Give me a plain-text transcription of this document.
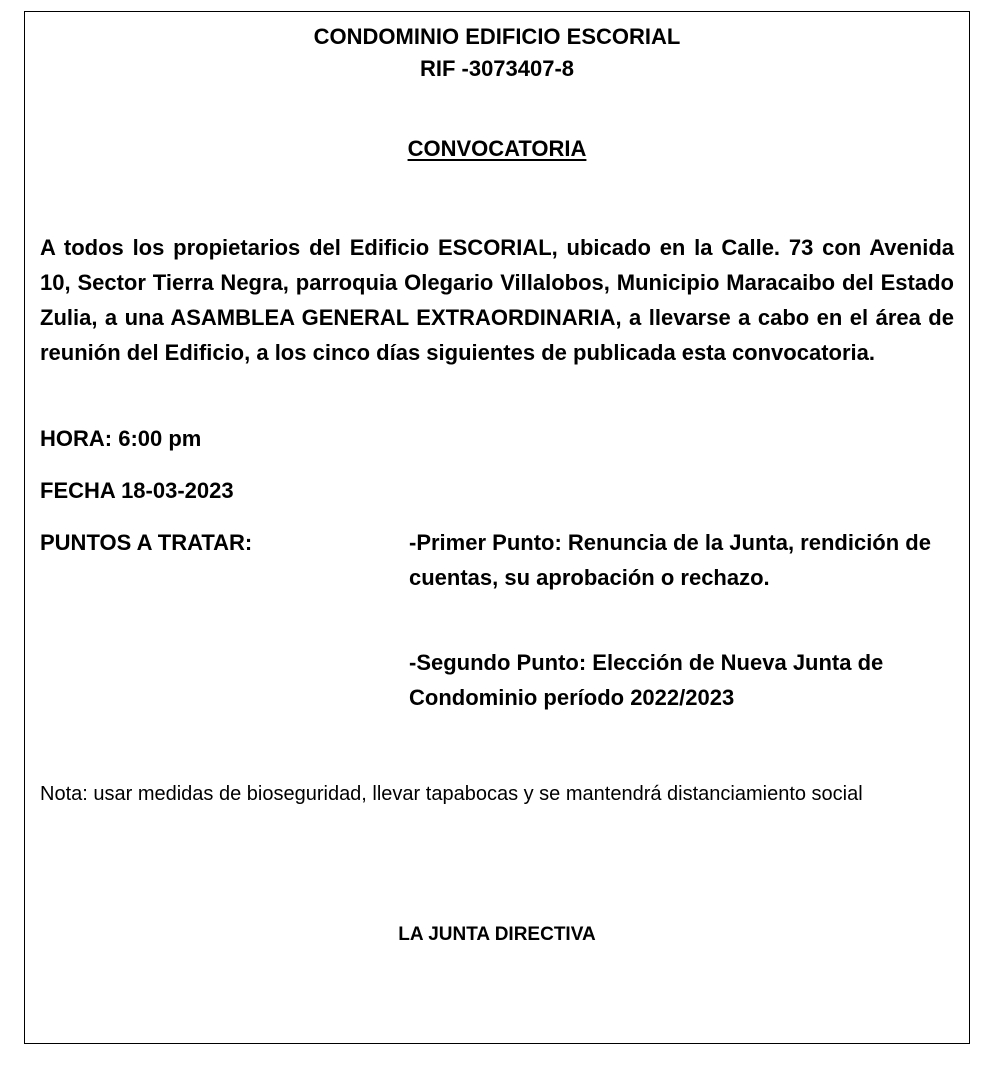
CONDOMINIO EDIFICIO ESCORIAL
RIF -3073407-8
CONVOCATORIA

A todos los propietarios del Edificio ESCORIAL, ubicado en la Calle. 73 con Avenida 10, Sector Tierra Negra, parroquia Olegario Villalobos, Municipio Maracaibo del Estado Zulia, a una ASAMBLEA GENERAL EXTRAORDINARIA, a llevarse a cabo en el área de reunión del Edificio, a los cinco días siguientes de publicada esta convocatoria.

HORA: 6:00 pm
FECHA 18-03-2023
PUNTOS A TRATAR:	-Primer Punto: Renuncia de la Junta, rendición de cuentas, su aprobación o rechazo.

-Segundo Punto: Elección de Nueva Junta de Condominio período 2022/2023

Nota: usar medidas de bioseguridad, llevar tapabocas y se mantendrá distanciamiento social
LA JUNTA DIRECTIVA
